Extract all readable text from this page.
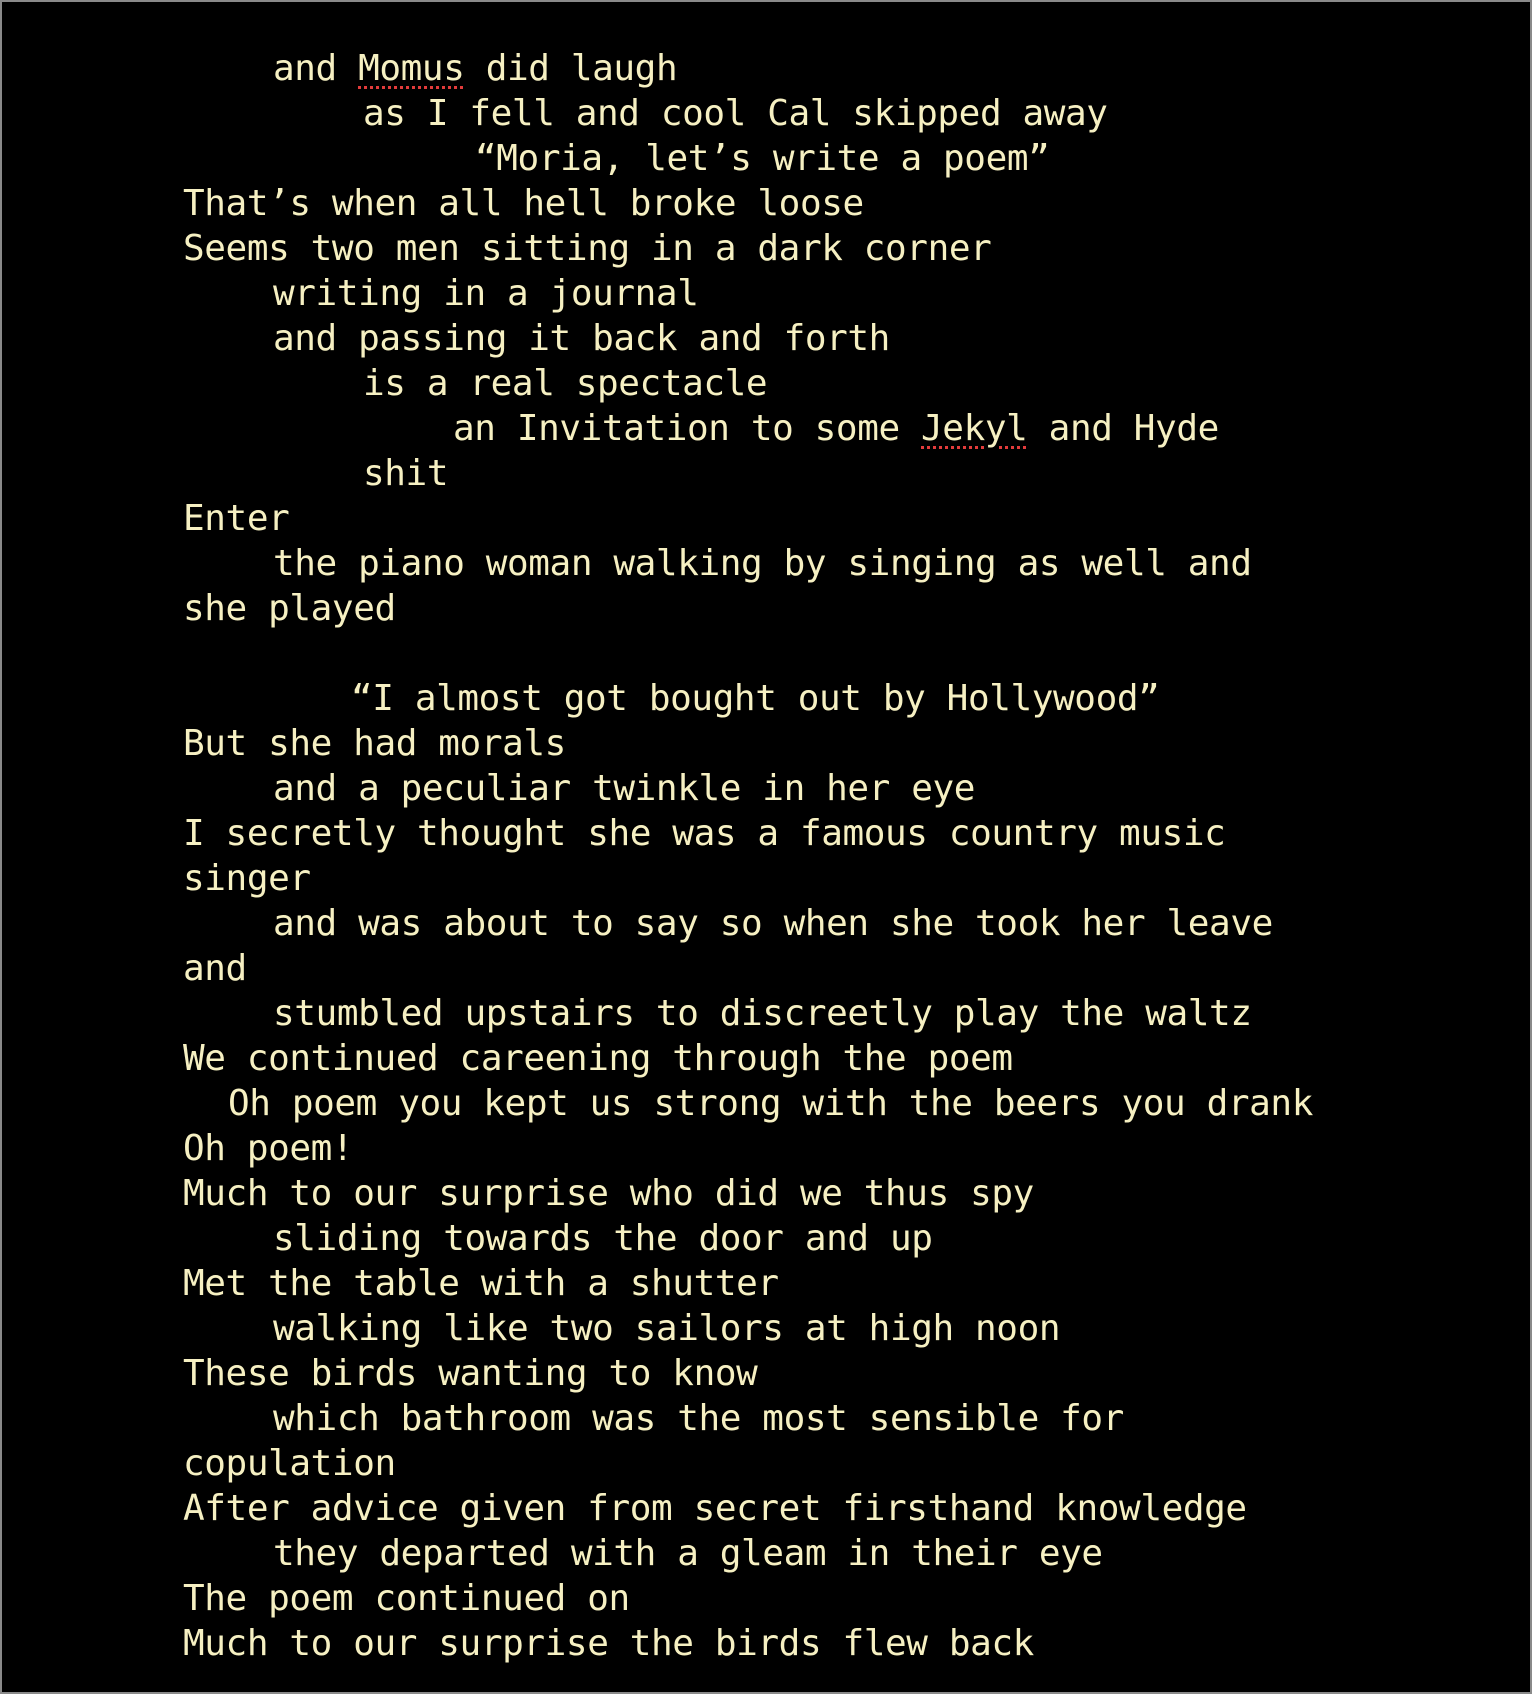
and Momus did laugh
as I fell and cool Cal skipped away
“Moria, let’s write a poem”
That’s when all hell broke loose
Seems two men sitting in a dark corner
writing in a journal
and passing it back and forth
is a real spectacle
an Invitation to some Jekyl and Hyde
shit
Enter
the piano woman walking by singing as well and
she played
“I almost got bought out by Hollywood”
But she had morals
and a peculiar twinkle in her eye
I secretly thought she was a famous country music
singer
and was about to say so when she took her leave
and
stumbled upstairs to discreetly play the waltz
We continued careening through the poem
Oh poem you kept us strong with the beers you drank
Oh poem!
Much to our surprise who did we thus spy
sliding towards the door and up
Met the table with a shutter
walking like two sailors at high noon
These birds wanting to know
which bathroom was the most sensible for
copulation
After advice given from secret firsthand knowledge
they departed with a gleam in their eye
The poem continued on
Much to our surprise the birds flew back
